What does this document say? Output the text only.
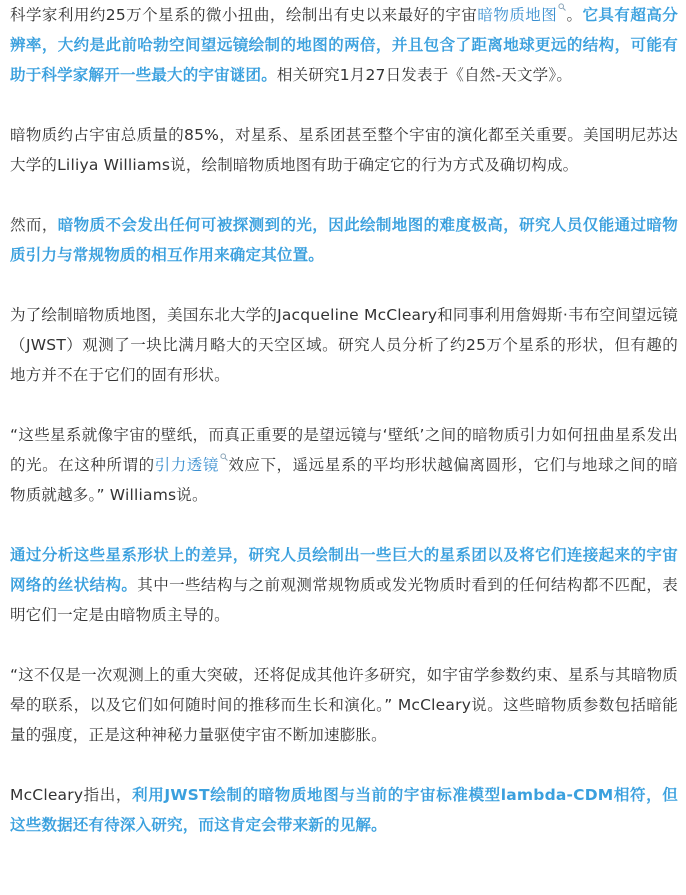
科学家利用约25万个星系的微小扭曲，绘制出有史以来最好的宇宙暗物质地图 。它具有超高分辨率，大约是此前哈勃空间望远镜绘制的地图的两倍，并且包含了距离地球更远的结构，可能有助于科学家解开一些最大的宇宙谜团。相关研究1月27日发表于《自然-天文学》。

暗物质约占宇宙总质量的85%，对星系、星系团甚至整个宇宙的演化都至关重要。美国明尼苏达大学的Liliya Williams说，绘制暗物质地图有助于确定它的行为方式及确切构成。

然而，暗物质不会发出任何可被探测到的光，因此绘制地图的难度极高，研究人员仅能通过暗物质引力与常规物质的相互作用来确定其位置。

为了绘制暗物质地图，美国东北大学的Jacqueline McCleary和同事利用詹姆斯·韦布空间望远镜（JWST）观测了一块比满月略大的天空区域。研究人员分析了约25万个星系的形状，但有趣的地方并不在于它们的固有形状。

“这些星系就像宇宙的壁纸，而真正重要的是望远镜与‘壁纸’之间的暗物质引力如何扭曲星系发出的光。在这种所谓的引力透镜 效应下，遥远星系的平均形状越偏离圆形，它们与地球之间的暗物质就越多。” Williams说。

通过分析这些星系形状上的差异，研究人员绘制出一些巨大的星系团以及将它们连接起来的宇宙网络的丝状结构。其中一些结构与之前观测常规物质或发光物质时看到的任何结构都不匹配，表明它们一定是由暗物质主导的。

“这不仅是一次观测上的重大突破，还将促成其他许多研究，如宇宙学参数约束、星系与其暗物质晕的联系，以及它们如何随时间的推移而生长和演化。” McCleary说。这些暗物质参数包括暗能量的强度，正是这种神秘力量驱使宇宙不断加速膨胀。

McCleary指出，利用JWST绘制的暗物质地图与当前的宇宙标准模型lambda-CDM相符，但这些数据还有待深入研究，而这肯定会带来新的见解。
